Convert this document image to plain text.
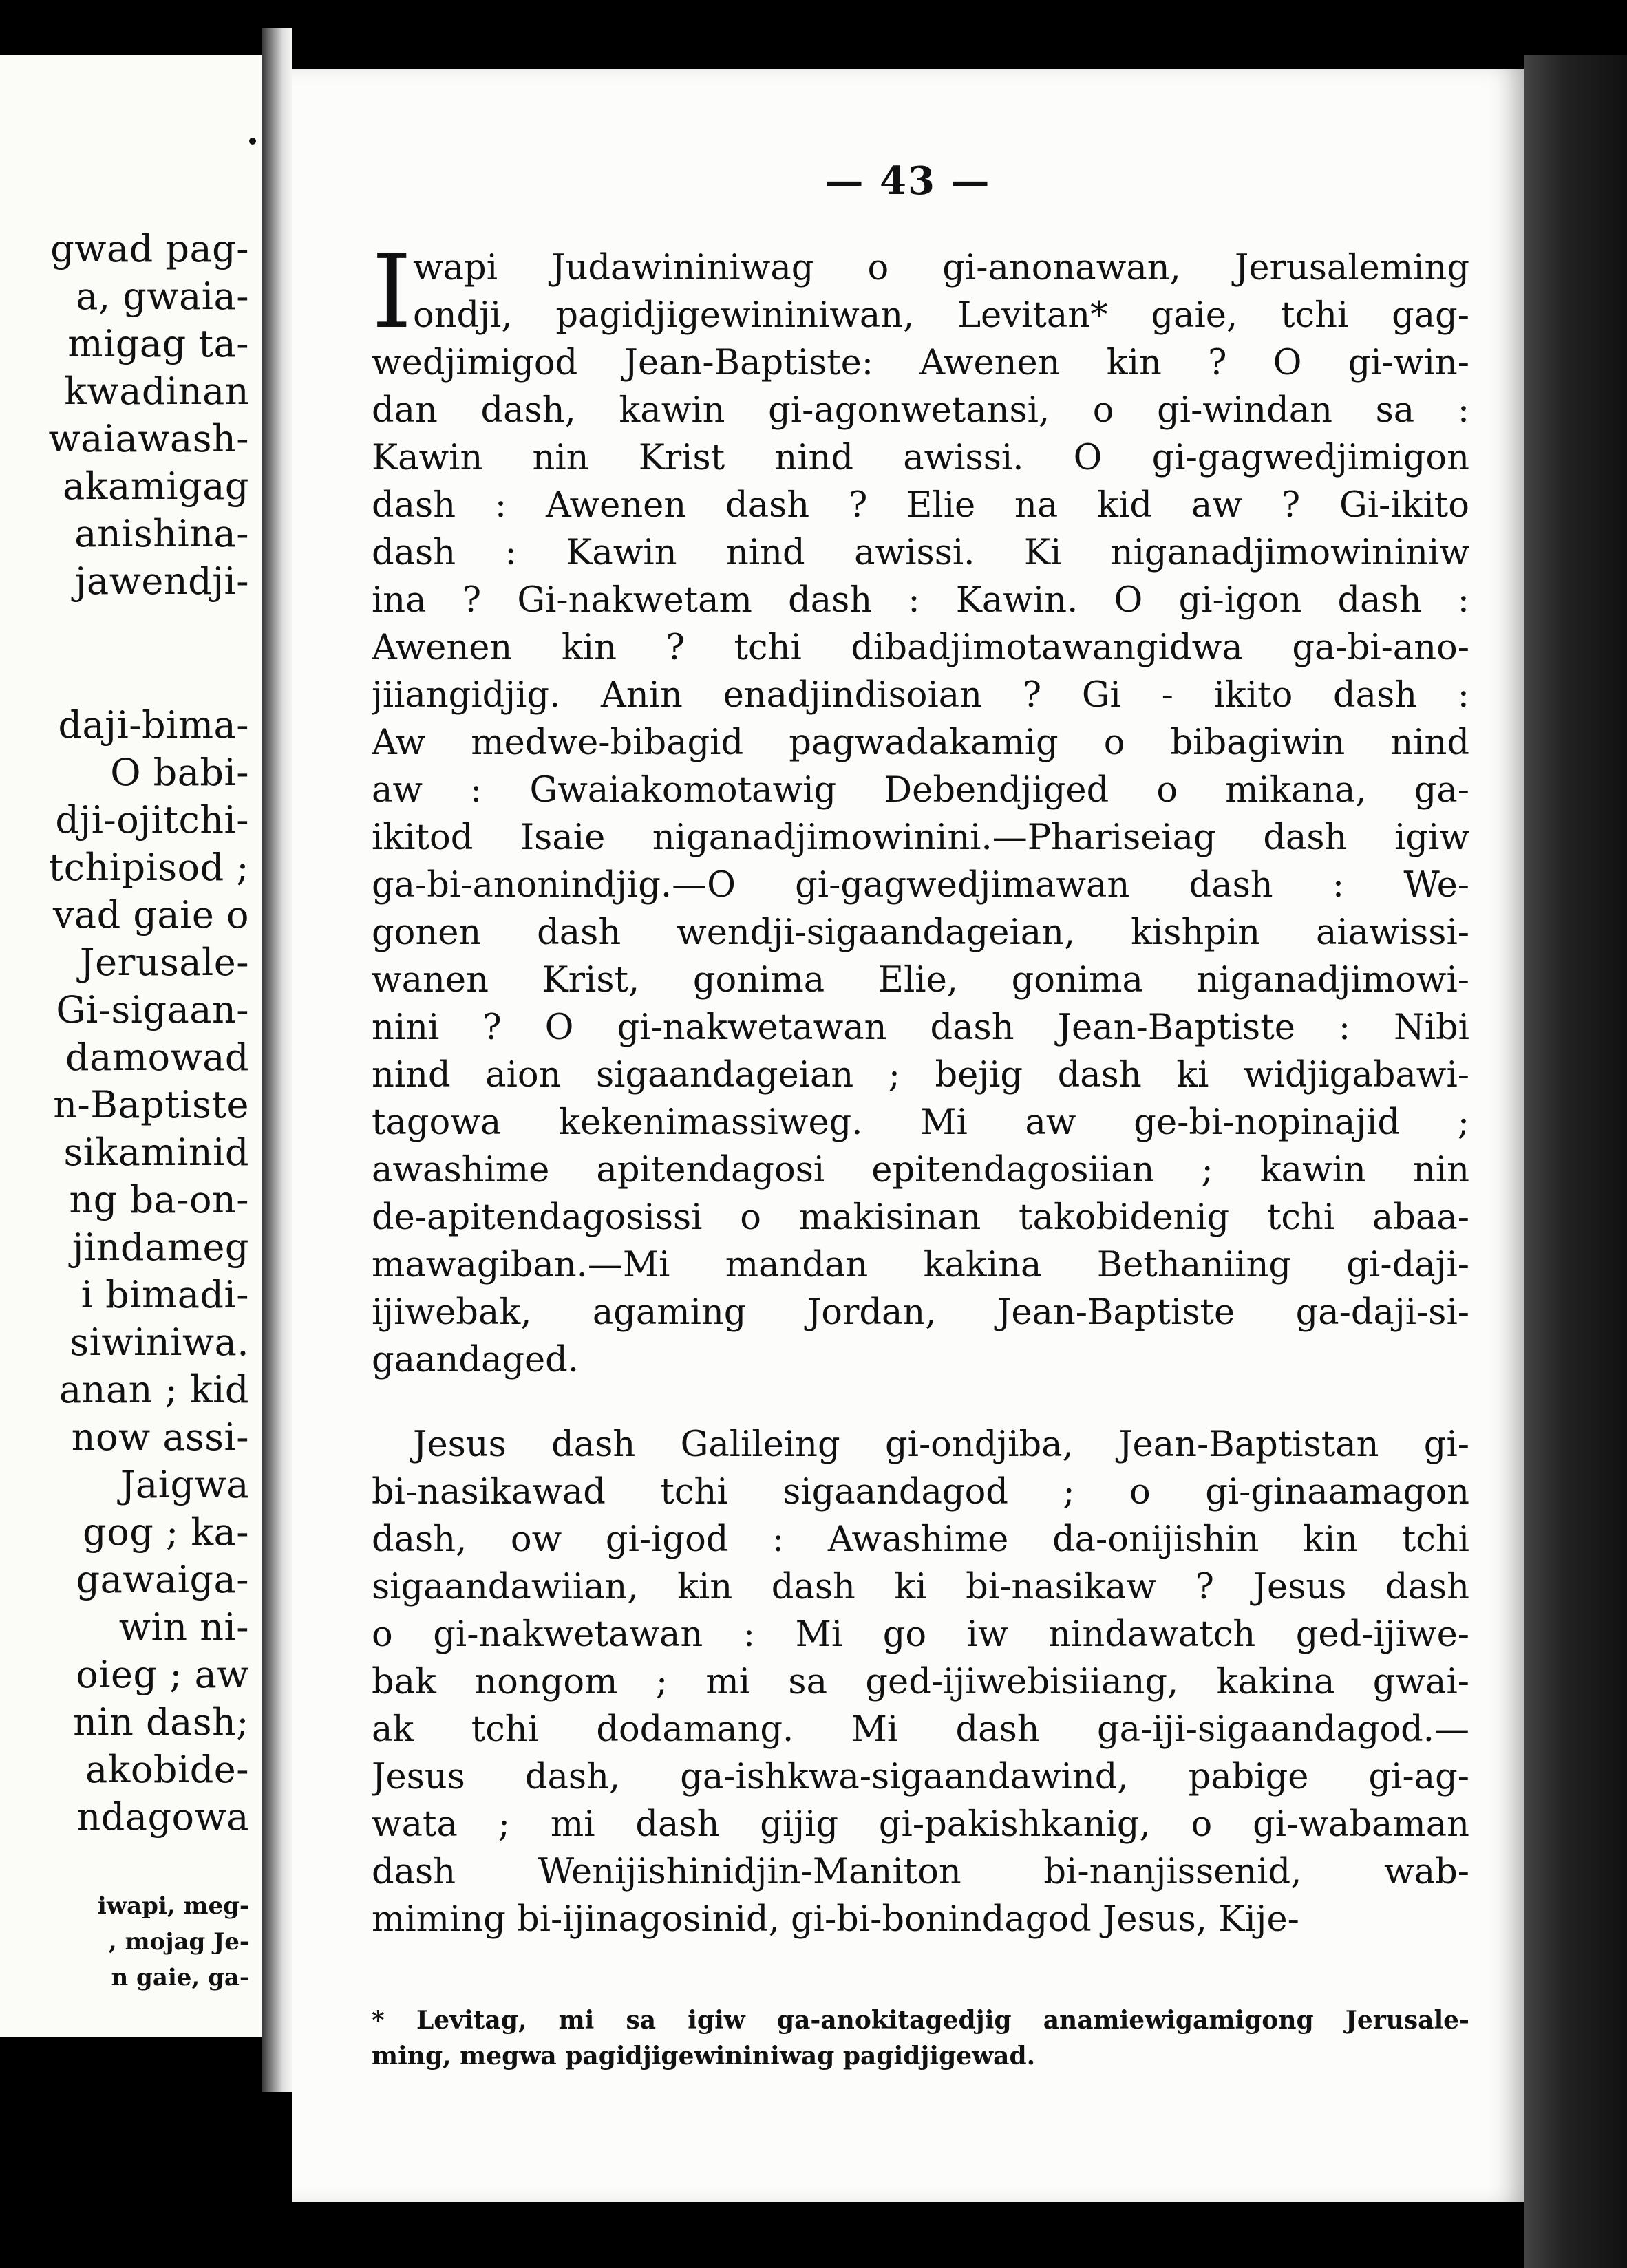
gwad pag-
a, gwaia-
migag ta-
kwadinan
waiawash-
akamigag
anishina-
jawendji-
daji-bima-
O babi-
dji-ojitchi-
tchipisod ;
vad gaie o
Jerusale-
Gi-sigaan-
damowad
n-Baptiste
sikaminid
ng ba-on-
jindameg
i bimadi-
siwiniwa.
anan ; kid
now assi-
Jaigwa
gog ; ka-
gawaiga-
win ni-
oieg ; aw
nin dash;
akobide-
ndagowa
iwapi, meg-
, mojag Je-
n gaie, ga-
— 43 —
I wapi Judawininiwag o gi-anonawan, Jerusaleming
ondji, pagidjigewininiwan, Levitan* gaie, tchi gag-
wedjimigod Jean-Baptiste: Awenen kin ? O gi-win-
dan dash, kawin gi-agonwetansi, o gi-windan sa :
Kawin nin Krist nind awissi. O gi-gagwedjimigon
dash : Awenen dash ? Elie na kid aw ? Gi-ikito
dash : Kawin nind awissi. Ki niganadjimowininiw
ina ? Gi-nakwetam dash : Kawin. O gi-igon dash :
Awenen kin ? tchi dibadjimotawangidwa ga-bi-ano-
jiiangidjig. Anin enadjindisoian ? Gi - ikito dash :
Aw medwe-bibagid pagwadakamig o bibagiwin nind
aw : Gwaiakomotawig Debendjiged o mikana, ga-
ikitod Isaie niganadjimowinini.—Phariseiag dash igiw
ga-bi-anonindjig.—O gi-gagwedjimawan dash : We-
gonen dash wendji-sigaandageian, kishpin aiawissi-
wanen Krist, gonima Elie, gonima niganadjimowi-
nini ? O gi-nakwetawan dash Jean-Baptiste : Nibi
nind aion sigaandageian ; bejig dash ki widjigabawi-
tagowa kekenimassiweg. Mi aw ge-bi-nopinajid ;
awashime apitendagosi epitendagosiian ; kawin nin
de-apitendagosissi o makisinan takobidenig tchi abaa-
mawagiban.—Mi mandan kakina Bethaniing gi-daji-
ijiwebak, agaming Jordan, Jean-Baptiste ga-daji-si-
gaandaged.
Jesus dash Galileing gi-ondjiba, Jean-Baptistan gi-
bi-nasikawad tchi sigaandagod ; o gi-ginaamagon
dash, ow gi-igod : Awashime da-onijishin kin tchi
sigaandawiian, kin dash ki bi-nasikaw ? Jesus dash
o gi-nakwetawan : Mi go iw nindawatch ged-ijiwe-
bak nongom ; mi sa ged-ijiwebisiiang, kakina gwai-
ak tchi dodamang. Mi dash ga-iji-sigaandagod.—
Jesus dash, ga-ishkwa-sigaandawind, pabige gi-ag-
wata ; mi dash gijig gi-pakishkanig, o gi-wabaman
dash Wenijishinidjin-Maniton bi-nanjissenid, wab-
miming bi-ijinagosinid, gi-bi-bonindagod Jesus, Kije-
* Levitag, mi sa igiw ga-anokitagedjig anamiewigamigong Jerusale-
ming, megwa pagidjigewininiwag pagidjigewad.
